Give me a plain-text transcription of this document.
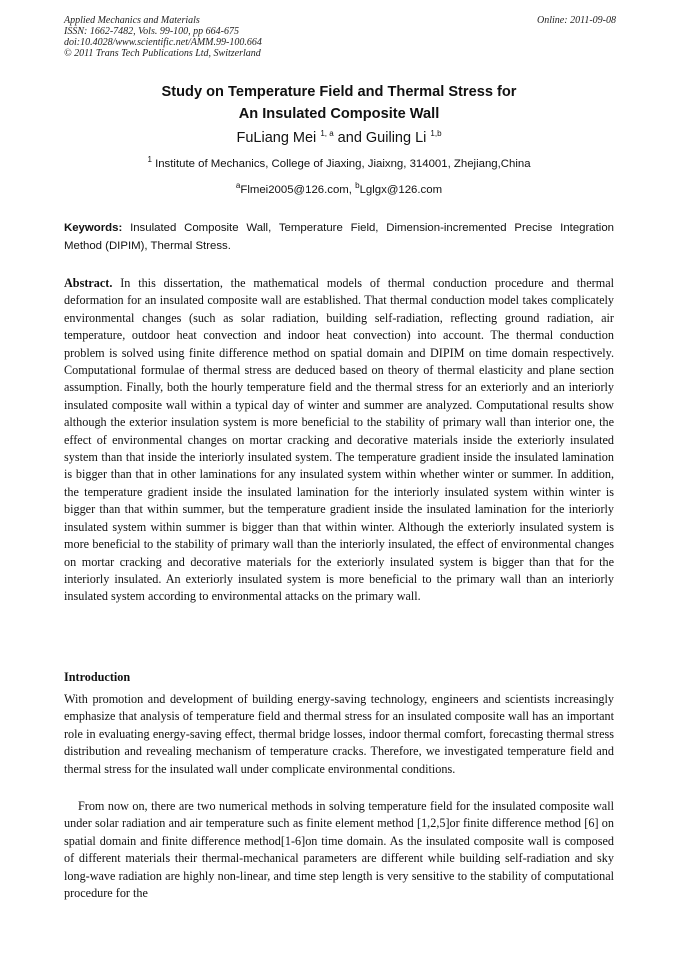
Applied Mechanics and Materials
ISSN: 1662-7482, Vols. 99-100, pp 664-675
doi:10.4028/www.scientific.net/AMM.99-100.664
© 2011 Trans Tech Publications Ltd, Switzerland
Online: 2011-09-08
Study on Temperature Field and Thermal Stress for
An Insulated Composite Wall
FuLiang Mei $^{1, a}$ and Guiling Li $^{1,b}$
$^1$ Institute of Mechanics, College of Jiaxing, Jiaixng, 314001, Zhejiang,China
$^a$Flmei2005@126.com, $^b$Lglgx@126.com
Keywords: Insulated Composite Wall, Temperature Field, Dimension-incremented Precise Integration Method (DIPIM), Thermal Stress.
Abstract. In this dissertation, the mathematical models of thermal conduction procedure and thermal deformation for an insulated composite wall are established. That thermal conduction model takes complicately environmental changes (such as solar radiation, building self-radiation, reflecting ground radiation, air temperature, outdoor heat convection and indoor heat convection) into account. The thermal conduction problem is solved using finite difference method on spatial domain and DIPIM on time domain respectively. Computational formulae of thermal stress are deduced based on theory of thermal elasticity and plane section assumption. Finally, both the hourly temperature field and the thermal stress for an exteriorly and an interiorly insulated composite wall within a typical day of winter and summer are analyzed. Computational results show although the exterior insulation system is more beneficial to the stability of primary wall than interior one, the effect of environmental changes on mortar cracking and decorative materials inside the exteriorly insulated system than that inside the interiorly insulated system. The temperature gradient inside the insulated lamination is bigger than that in other laminations for any insulated system within whether winter or summer. In addition, the temperature gradient inside the insulated lamination for the interiorly insulated system within winter is bigger than that within summer, but the temperature gradient inside the insulated lamination for the interiorly insulated system within summer is bigger than that within winter. Although the exteriorly insulated system is more beneficial to the stability of primary wall than the interiorly insulated, the effect of environmental changes on mortar cracking and decorative materials for the exteriorly insulated system is bigger than that for the interiorly insulated. An exteriorly insulated system is more beneficial to the primary wall than an interiorly insulated system according to environmental attacks on the primary wall.
Introduction
With promotion and development of building energy-saving technology, engineers and scientists increasingly emphasize that analysis of temperature field and thermal stress for an insulated composite wall has an important role in evaluating energy-saving effect, thermal bridge losses, indoor thermal comfort, forecasting thermal stress distribution and revealing mechanism of temperature cracks. Therefore, we investigated temperature field and thermal stress for the insulated wall under complicate environmental conditions.
From now on, there are two numerical methods in solving temperature field for the insulated composite wall under solar radiation and air temperature such as finite element method [1,2,5]or finite difference method [6] on spatial domain and finite difference method[1-6]on time domain. As the insulated composite wall is composed of different materials their thermal-mechanical parameters are different while building self-radiation and sky long-wave radiation are highly non-linear, and time step length is very sensitive to the stability of computational procedure for the
